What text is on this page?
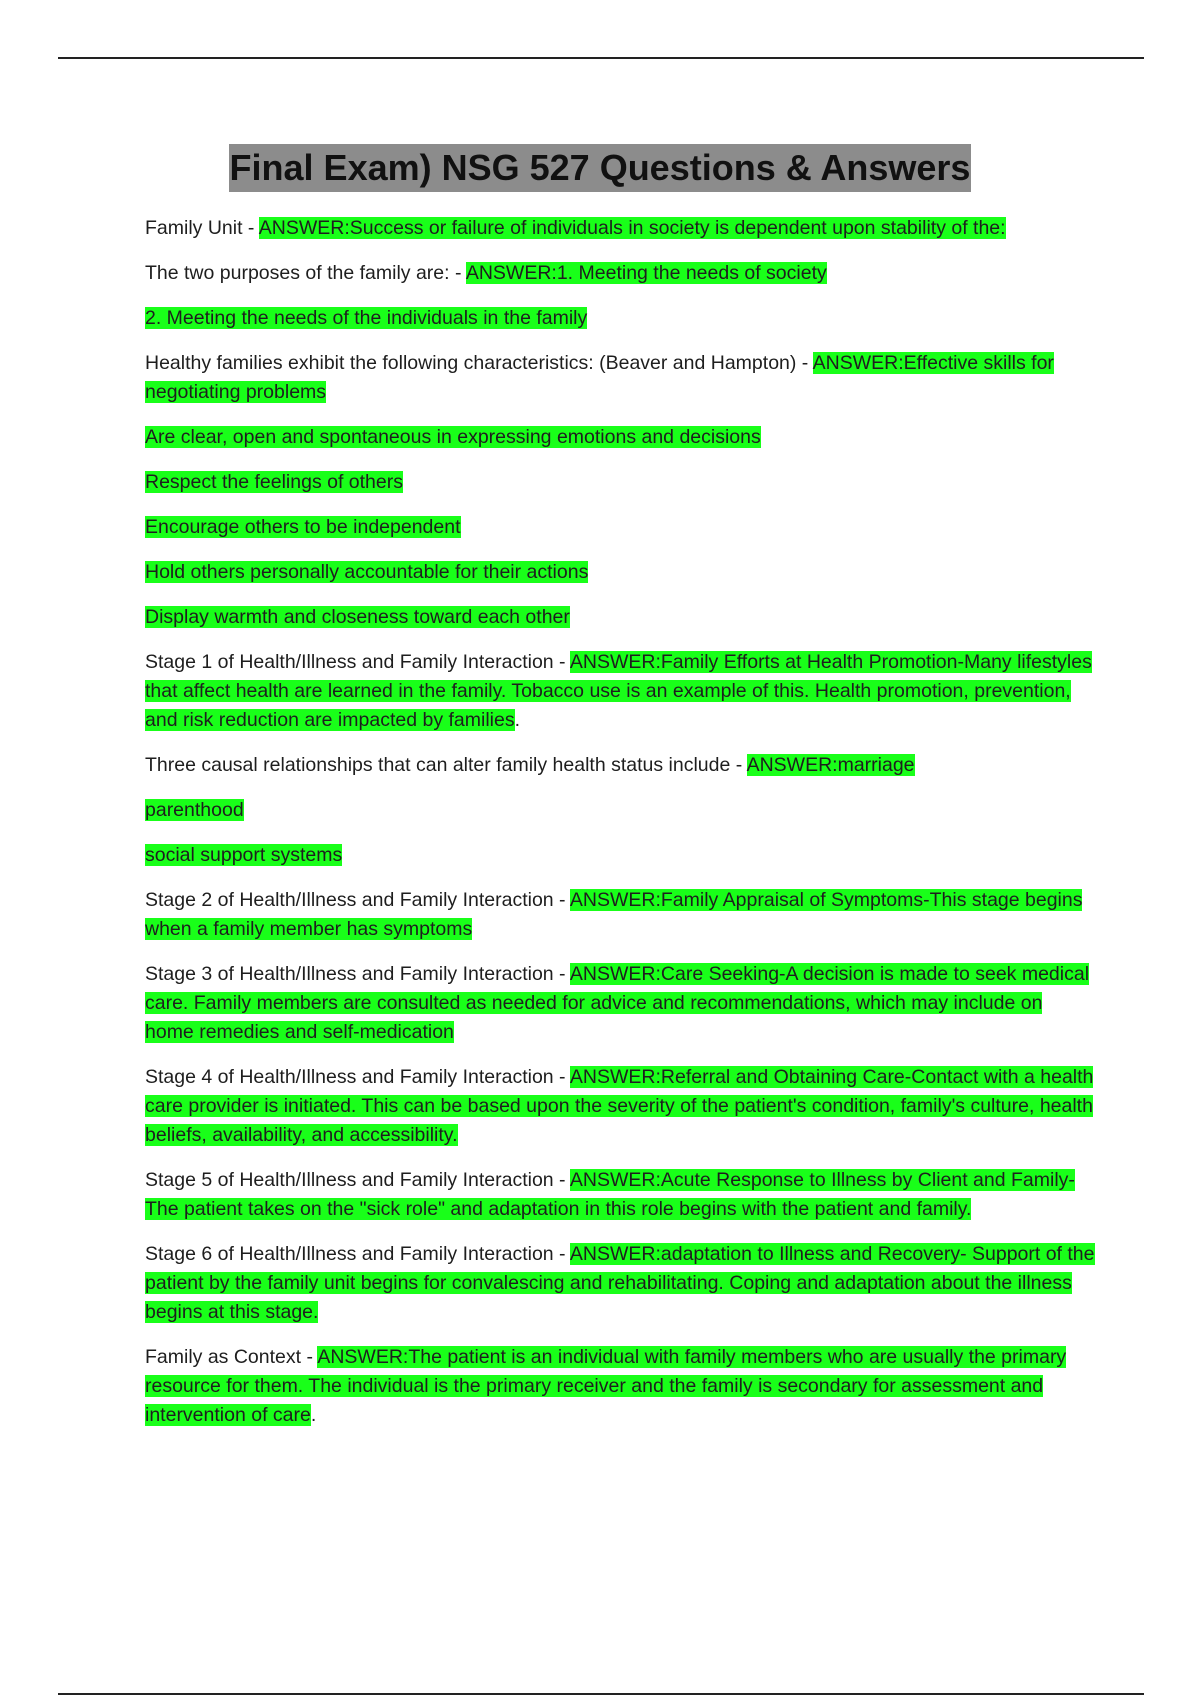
Final Exam) NSG 527 Questions & Answers

Family Unit - ANSWER:Success or failure of individuals in society is dependent upon stability of the:

The two purposes of the family are: - ANSWER:1. Meeting the needs of society

2. Meeting the needs of the individuals in the family

Healthy families exhibit the following characteristics: (Beaver and Hampton) - ANSWER:Effective skills for negotiating problems

Are clear, open and spontaneous in expressing emotions and decisions

Respect the feelings of others

Encourage others to be independent

Hold others personally accountable for their actions

Display warmth and closeness toward each other

Stage 1 of Health/Illness and Family Interaction - ANSWER:Family Efforts at Health Promotion-Many lifestyles that affect health are learned in the family. Tobacco use is an example of this. Health promotion, prevention, and risk reduction are impacted by families.

Three causal relationships that can alter family health status include - ANSWER:marriage

parenthood

social support systems

Stage 2 of Health/Illness and Family Interaction - ANSWER:Family Appraisal of Symptoms-This stage begins when a family member has symptoms

Stage 3 of Health/Illness and Family Interaction - ANSWER:Care Seeking-A decision is made to seek medical care. Family members are consulted as needed for advice and recommendations, which may include on home remedies and self-medication

Stage 4 of Health/Illness and Family Interaction - ANSWER:Referral and Obtaining Care-Contact with a health care provider is initiated. This can be based upon the severity of the patient's condition, family's culture, health beliefs, availability, and accessibility.

Stage 5 of Health/Illness and Family Interaction - ANSWER:Acute Response to Illness by Client and Family-The patient takes on the "sick role" and adaptation in this role begins with the patient and family.

Stage 6 of Health/Illness and Family Interaction - ANSWER:adaptation to Illness and Recovery- Support of the patient by the family unit begins for convalescing and rehabilitating. Coping and adaptation about the illness begins at this stage.

Family as Context - ANSWER:The patient is an individual with family members who are usually the primary resource for them. The individual is the primary receiver and the family is secondary for assessment and intervention of care.
